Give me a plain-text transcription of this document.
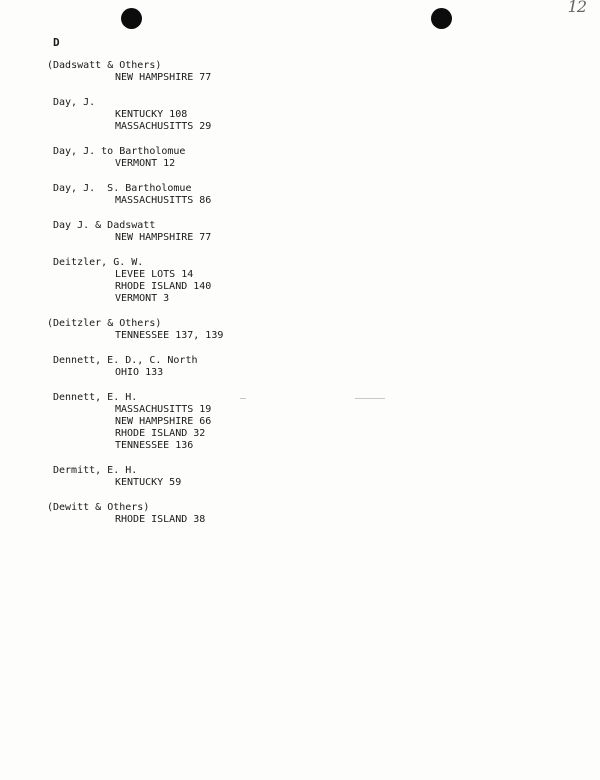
12
D
(Dadswatt & Others)
NEW HAMPSHIRE 77
Day, J.
KENTUCKY 108
MASSACHUSITTS 29
Day, J. to Bartholomue
VERMONT 12
Day, J.  S. Bartholomue
MASSACHUSITTS 86
Day J. & Dadswatt
NEW HAMPSHIRE 77
Deitzler, G. W.
LEVEE LOTS 14
RHODE ISLAND 140
VERMONT 3
(Deitzler & Others)
TENNESSEE 137, 139
Dennett, E. D., C. North
OHIO 133
Dennett, E. H.
MASSACHUSITTS 19
NEW HAMPSHIRE 66
RHODE ISLAND 32
TENNESSEE 136
Dermitt, E. H.
KENTUCKY 59
(Dewitt & Others)
RHODE ISLAND 38
